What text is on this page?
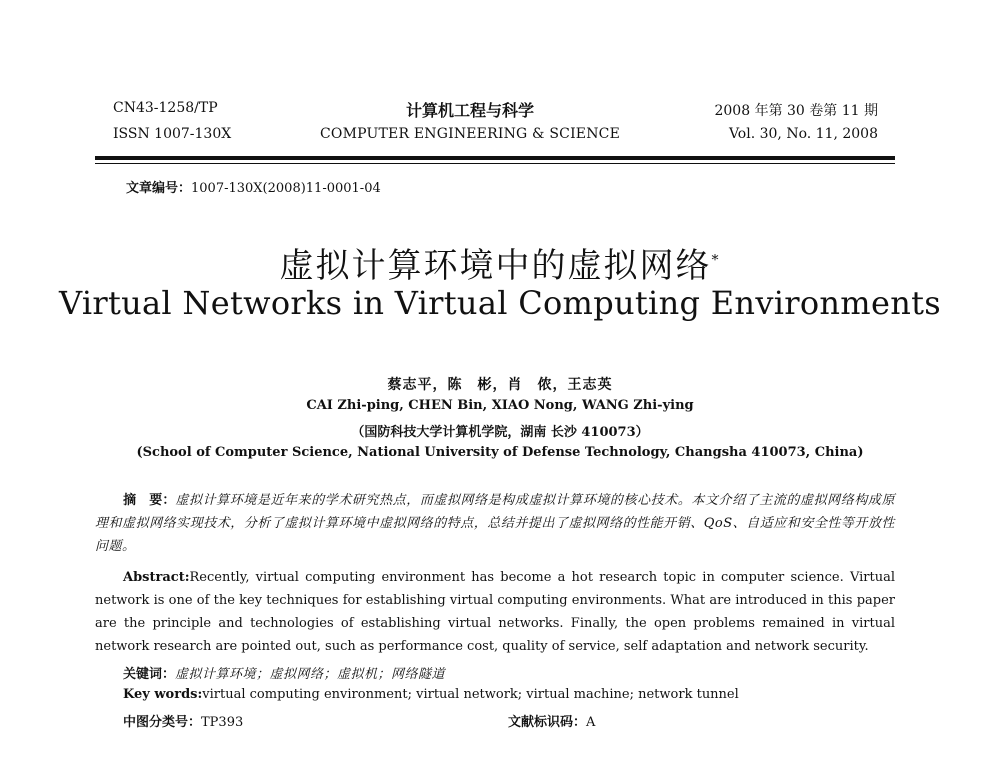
CN43-1258/TP
ISSN 1007-130X
计算机工程与科学
COMPUTER ENGINEERING & SCIENCE
2008 年第 30 卷第 11 期
Vol. 30, No. 11, 2008
文章编号：1007-130X(2008)11-0001-04
虚拟计算环境中的虚拟网络*
Virtual Networks in Virtual Computing Environments
蔡志平，陈　彬，肖　侬，王志英
CAI Zhi-ping, CHEN Bin, XIAO Nong, WANG Zhi-ying
（国防科技大学计算机学院，湖南 长沙 410073）
(School of Computer Science, National University of Defense Technology, Changsha 410073, China)
摘　要：虚拟计算环境是近年来的学术研究热点，而虚拟网络是构成虚拟计算环境的核心技术。本文介绍了主流的虚拟网络构成原理和虚拟网络实现技术，分析了虚拟计算环境中虚拟网络的特点，总结并提出了虚拟网络的性能开销、QoS、自适应和安全性等开放性问题。
Abstract:Recently, virtual computing environment has become a hot research topic in computer science. Virtual network is one of the key techniques for establishing virtual computing environments. What are introduced in this paper are the principle and technologies of establishing virtual networks. Finally, the open problems remained in virtual network research are pointed out, such as performance cost, quality of service, self adaptation and network security.
关键词：虚拟计算环境；虚拟网络；虚拟机；网络隧道
Key words:virtual computing environment; virtual network; virtual machine; network tunnel
中图分类号：TP393	文献标识码：A
